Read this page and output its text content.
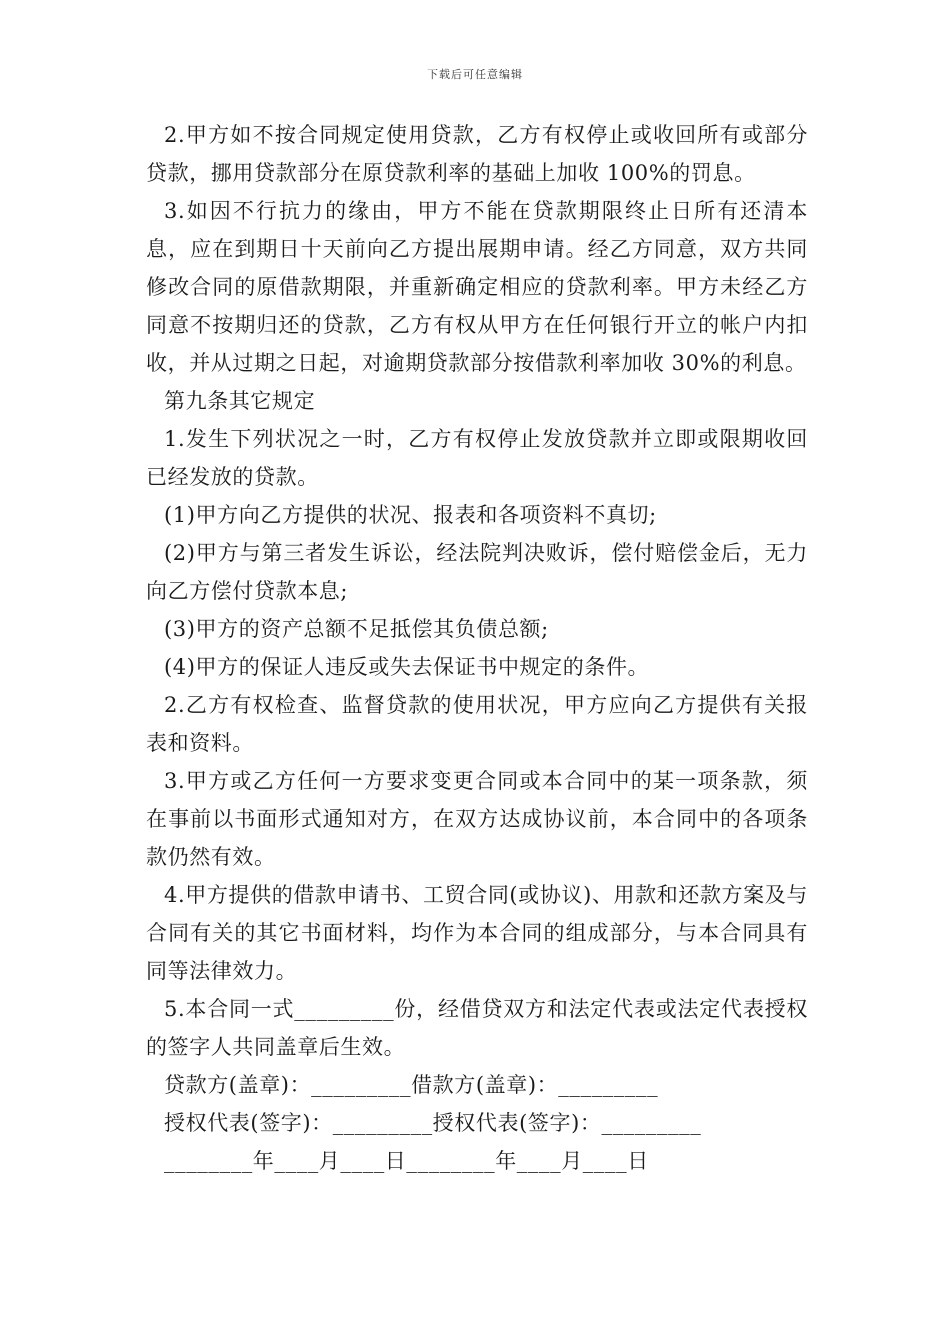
下载后可任意编辑

2.甲方如不按合同规定使用贷款，乙方有权停止或收回所有或部分贷款，挪用贷款部分在原贷款利率的基础上加收 100%的罚息。

3.如因不行抗力的缘由，甲方不能在贷款期限终止日所有还清本息，应在到期日十天前向乙方提出展期申请。经乙方同意，双方共同修改合同的原借款期限，并重新确定相应的贷款利率。甲方未经乙方同意不按期归还的贷款，乙方有权从甲方在任何银行开立的帐户内扣收，并从过期之日起，对逾期贷款部分按借款利率加收 30%的利息。

第九条其它规定

1.发生下列状况之一时，乙方有权停止发放贷款并立即或限期收回已经发放的贷款。

(1)甲方向乙方提供的状况、报表和各项资料不真切;

(2)甲方与第三者发生诉讼，经法院判决败诉，偿付赔偿金后，无力向乙方偿付贷款本息;

(3)甲方的资产总额不足抵偿其负债总额;

(4)甲方的保证人违反或失去保证书中规定的条件。

2.乙方有权检查、监督贷款的使用状况，甲方应向乙方提供有关报表和资料。

3.甲方或乙方任何一方要求变更合同或本合同中的某一项条款，须在事前以书面形式通知对方，在双方达成协议前，本合同中的各项条款仍然有效。

4.甲方提供的借款申请书、工贸合同(或协议)、用款和还款方案及与合同有关的其它书面材料，均作为本合同的组成部分，与本合同具有同等法律效力。

5.本合同一式_________份，经借贷双方和法定代表或法定代表授权的签字人共同盖章后生效。

贷款方(盖章)：_________借款方(盖章)：_________

授权代表(签字)：_________授权代表(签字)：_________

________年____月____日________年____月____日
